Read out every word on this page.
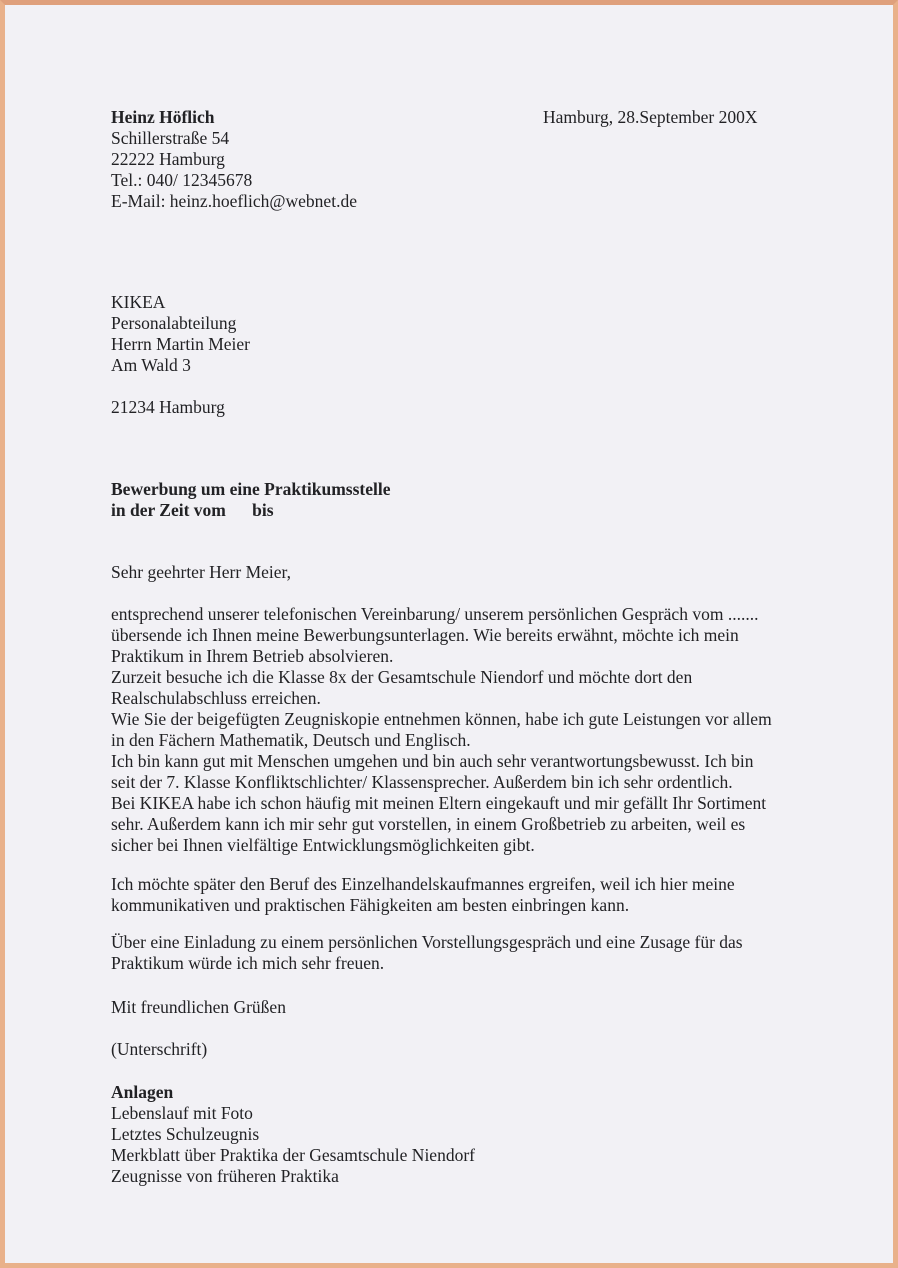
Heinz Höflich
Schillerstraße 54
22222 Hamburg
Tel.: 040/ 12345678
E-Mail: heinz.hoeflich@webnet.de
Hamburg, 28.September 200X
KIKEA
Personalabteilung
Herrn Martin Meier
Am Wald 3

21234 Hamburg
Bewerbung um eine Praktikumsstelle
in der Zeit vom      bis
Sehr geehrter Herr Meier,
entsprechend unserer telefonischen Vereinbarung/ unserem persönlichen Gespräch vom .......
übersende ich Ihnen meine Bewerbungsunterlagen. Wie bereits erwähnt, möchte ich mein
Praktikum in Ihrem Betrieb absolvieren.
Zurzeit besuche ich die Klasse 8x der Gesamtschule Niendorf und möchte dort den
Realschulabschluss erreichen.
Wie Sie der beigefügten Zeugniskopie entnehmen können, habe ich gute Leistungen vor allem
in den Fächern Mathematik, Deutsch und Englisch.
Ich bin kann gut mit Menschen umgehen und bin auch sehr verantwortungsbewusst. Ich bin
seit der 7. Klasse Konfliktschlichter/ Klassensprecher. Außerdem bin ich sehr ordentlich.
Bei KIKEA habe ich schon häufig mit meinen Eltern eingekauft und mir gefällt Ihr Sortiment
sehr. Außerdem kann ich mir sehr gut vorstellen, in einem Großbetrieb zu arbeiten, weil es
sicher bei Ihnen vielfältige Entwicklungsmöglichkeiten gibt.
Ich möchte später den Beruf des Einzelhandelskaufmannes ergreifen, weil ich hier meine
kommunikativen und praktischen Fähigkeiten am besten einbringen kann.
Über eine Einladung zu einem persönlichen Vorstellungsgespräch und eine Zusage für das
Praktikum würde ich mich sehr freuen.
Mit freundlichen Grüßen
(Unterschrift)
Anlagen
Lebenslauf mit Foto
Letztes Schulzeugnis
Merkblatt über Praktika der Gesamtschule Niendorf
Zeugnisse von früheren Praktika
